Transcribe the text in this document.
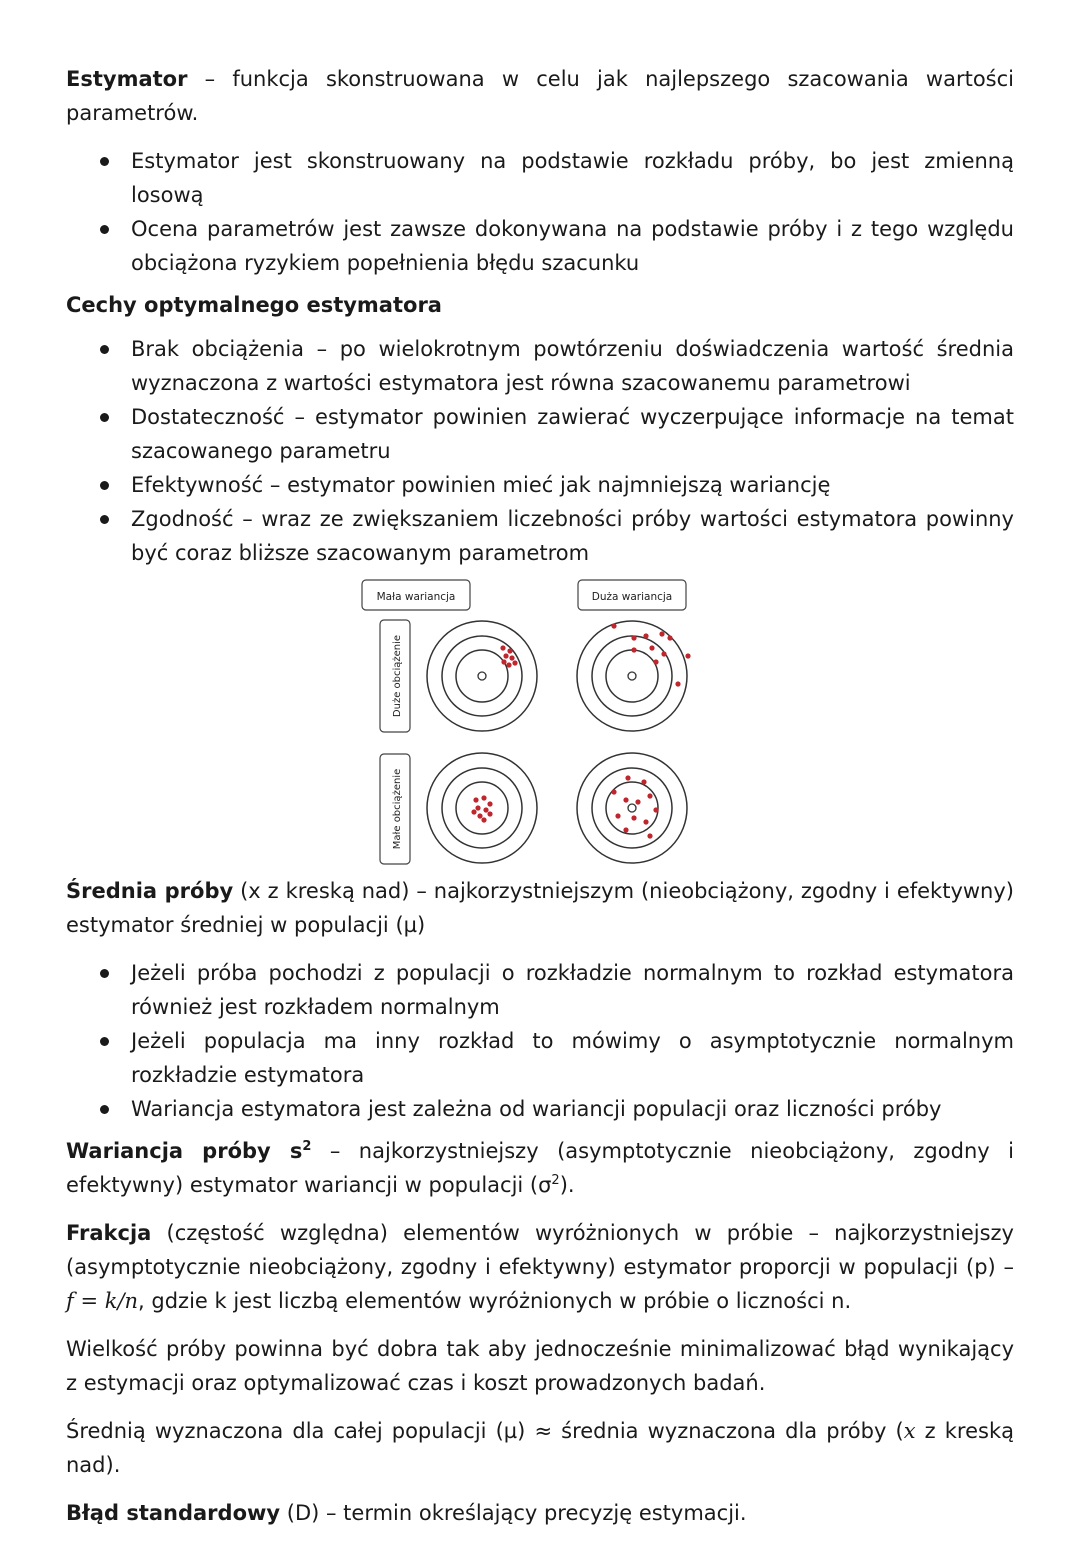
Estymator – funkcja skonstruowana w celu jak najlepszego szacowania wartości parametrów.

Estymator jest skonstruowany na podstawie rozkładu próby, bo jest zmienną losową
Ocena parametrów jest zawsze dokonywana na podstawie próby i z tego względu obciążona ryzykiem popełnienia błędu szacunku

Cechy optymalnego estymatora

Brak obciążenia – po wielokrotnym powtórzeniu doświadczenia wartość średnia wyznaczona z wartości estymatora jest równa szacowanemu parametrowi
Dostateczność – estymator powinien zawierać wyczerpujące informacje na temat szacowanego parametru
Efektywność – estymator powinien mieć jak najmniejszą wariancję
Zgodność – wraz ze zwiększaniem liczebności próby wartości estymatora powinny być coraz bliższe szacowanym parametrom
Mała wariancja	Duża wariancja
Duże obciążenie
Małe obciążenie

Średnia próby (x z kreską nad) – najkorzystniejszym (nieobciążony, zgodny i efektywny) estymator średniej w populacji (µ)

Jeżeli próba pochodzi z populacji o rozkładzie normalnym to rozkład estymatora również jest rozkładem normalnym
Jeżeli populacja ma inny rozkład to mówimy o asymptotycznie normalnym rozkładzie estymatora
Wariancja estymatora jest zależna od wariancji populacji oraz liczności próby

Wariancja próby $s^2$ – najkorzystniejszy (asymptotycznie nieobciążony, zgodny i efektywny) estymator wariancji w populacji $(\sigma^2)$.

Frakcja (częstość względna) elementów wyróżnionych w próbie – najkorzystniejszy (asymptotycznie nieobciążony, zgodny i efektywny) estymator proporcji w populacji (p) – f = k/n, gdzie k jest liczbą elementów wyróżnionych w próbie o liczności n.

Wielkość próby powinna być dobra tak aby jednocześnie minimalizować błąd wynikający z estymacji oraz optymalizować czas i koszt prowadzonych badań.

Średnią wyznaczona dla całej populacji (µ) ≈ średnia wyznaczona dla próby (x z kreską nad).

Błąd standardowy (D) – termin określający precyzję estymacji.
